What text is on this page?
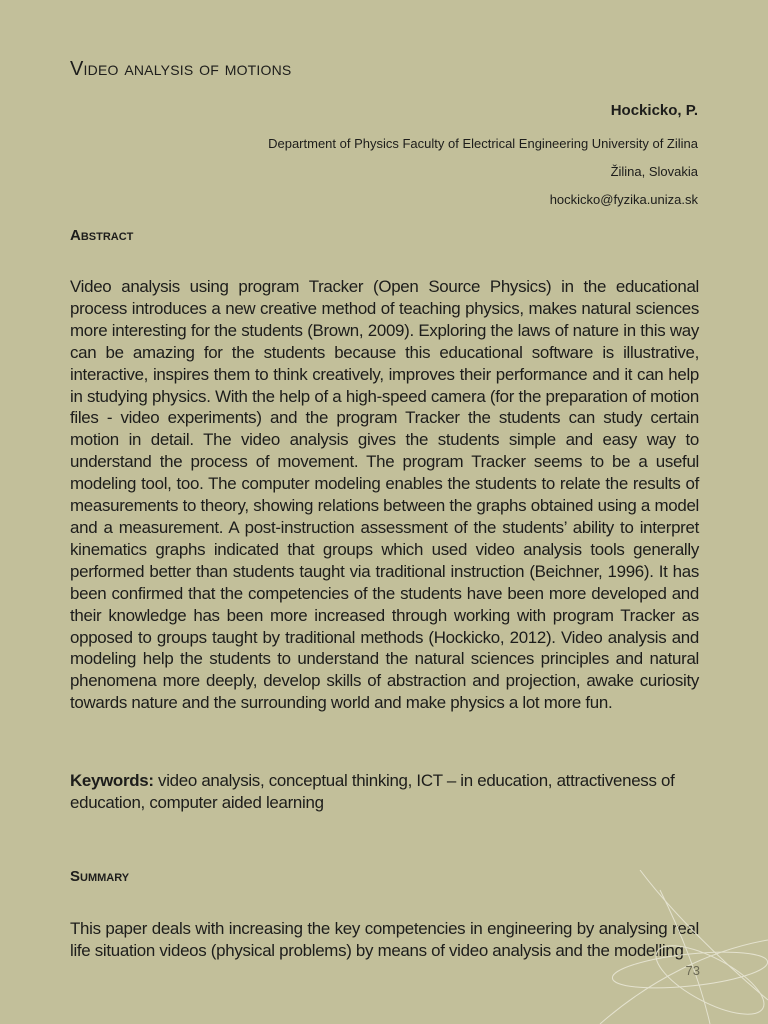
Video analysis of motions
Hockicko, P.
Department of Physics Faculty of Electrical Engineering University of Zilina
Žilina, Slovakia
hockicko@fyzika.uniza.sk
Abstract

Video analysis using program Tracker (Open Source Physics) in the educational process introduces a new creative method of teaching physics, makes natural sciences more interesting for the students (Brown, 2009). Exploring the laws of nature in this way can be amazing for the students because this educational software is illustrative, interactive, inspires them to think creatively, improves their performance and it can help in studying physics. With the help of a high-speed camera (for the preparation of motion files - video experiments) and the program Tracker the students can study certain motion in detail. The video analysis gives the students simple and easy way to understand the process of movement. The program Tracker seems to be a useful modeling tool, too. The computer modeling enables the students to relate the results of measurements to theory, showing relations between the graphs obtained using a model and a measurement. A post-instruction assessment of the students’ ability to interpret kinematics graphs indicated that groups which used video analysis tools generally performed better than students taught via traditional instruction (Beichner, 1996). It has been confirmed that the competencies of the students have been more developed and their knowledge has been more increased through working with program Tracker as opposed to groups taught by traditional methods (Hockicko, 2012). Video analysis and modeling help the students to understand the natural sciences principles and natural phenomena more deeply, develop skills of abstraction and projection, awake curiosity towards nature and the surrounding world and make physics a lot more fun.

Keywords: video analysis, conceptual thinking, ICT – in education, attractiveness of education, computer aided learning

Summary

This paper deals with increasing the key competencies in engineering by analysing real life situation videos (physical problems) by means of video analysis and the modelling

73
